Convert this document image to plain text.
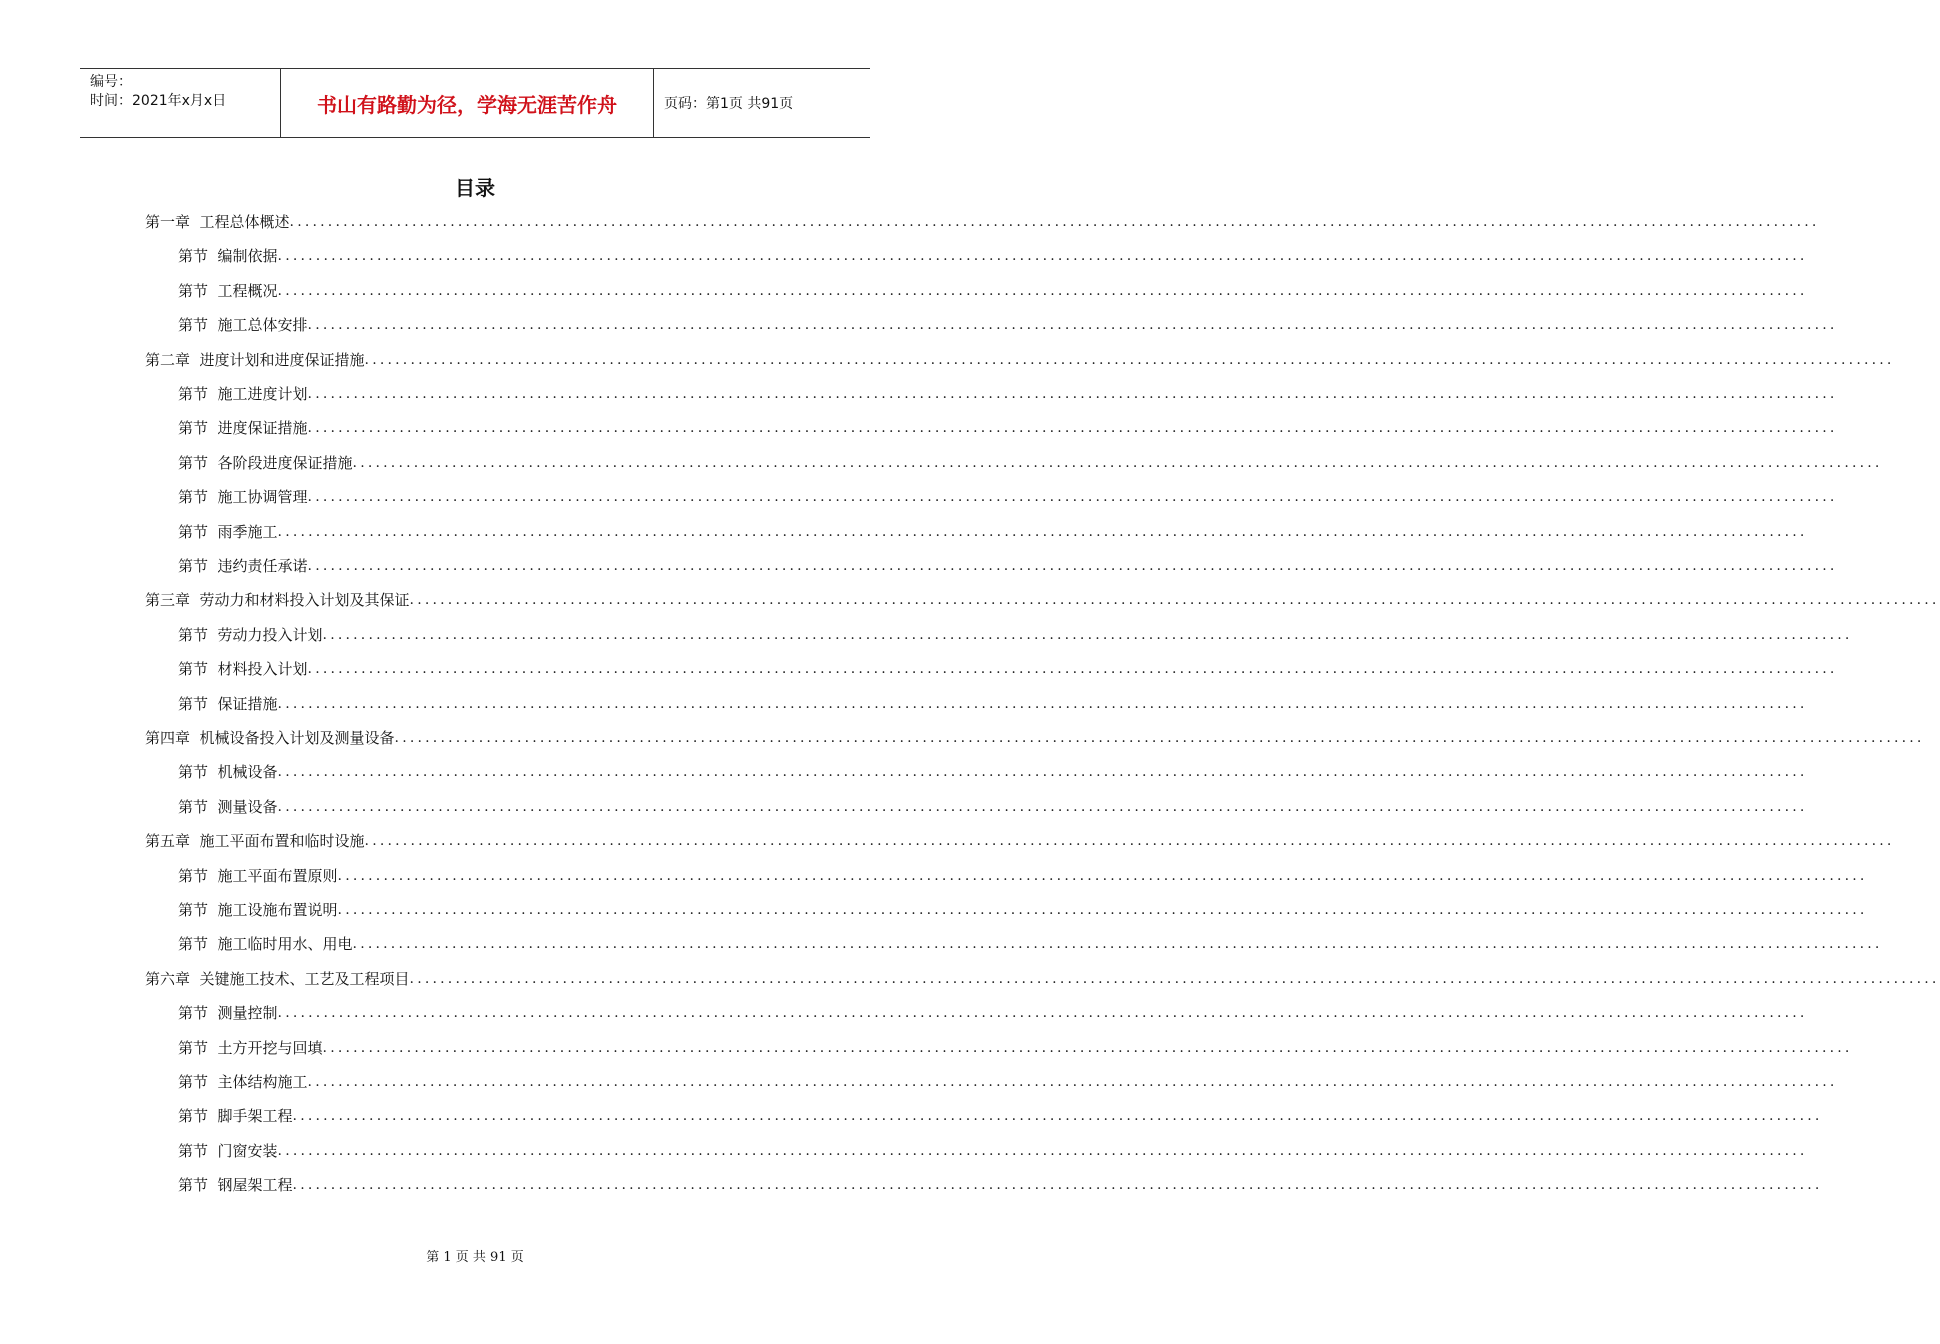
编号：
时间：2021年x月x日	书山有路勤为径，学海无涯苦作舟	页码：第1页 共91页
目录
第一章  工程总体概述 ........................................................................................................................................................................................................
第节  编制依据 ........................................................................................................................................................................................................
第节  工程概况 ........................................................................................................................................................................................................
第节  施工总体安排 ........................................................................................................................................................................................................
第二章  进度计划和进度保证措施 ........................................................................................................................................................................................................
第节  施工进度计划 ........................................................................................................................................................................................................
第节  进度保证措施 ........................................................................................................................................................................................................
第节  各阶段进度保证措施 ........................................................................................................................................................................................................
第节  施工协调管理 ........................................................................................................................................................................................................
第节  雨季施工 ........................................................................................................................................................................................................
第节  违约责任承诺 ........................................................................................................................................................................................................
第三章  劳动力和材料投入计划及其保证 ........................................................................................................................................................................................................
第节  劳动力投入计划 ........................................................................................................................................................................................................
第节  材料投入计划 ........................................................................................................................................................................................................
第节  保证措施 ........................................................................................................................................................................................................
第四章  机械设备投入计划及测量设备 ........................................................................................................................................................................................................
第节  机械设备 ........................................................................................................................................................................................................
第节  测量设备 ........................................................................................................................................................................................................
第五章  施工平面布置和临时设施 ........................................................................................................................................................................................................
第节  施工平面布置原则 ........................................................................................................................................................................................................
第节  施工设施布置说明 ........................................................................................................................................................................................................
第节  施工临时用水、用电 ........................................................................................................................................................................................................
第六章  关键施工技术、工艺及工程项目 ........................................................................................................................................................................................................
第节  测量控制 ........................................................................................................................................................................................................
第节  土方开挖与回填 ........................................................................................................................................................................................................
第节  主体结构施工 ........................................................................................................................................................................................................
第节  脚手架工程 ........................................................................................................................................................................................................
第节  门窗安装 ........................................................................................................................................................................................................
第节  钢屋架工程 ........................................................................................................................................................................................................
第 1 页 共 91 页
